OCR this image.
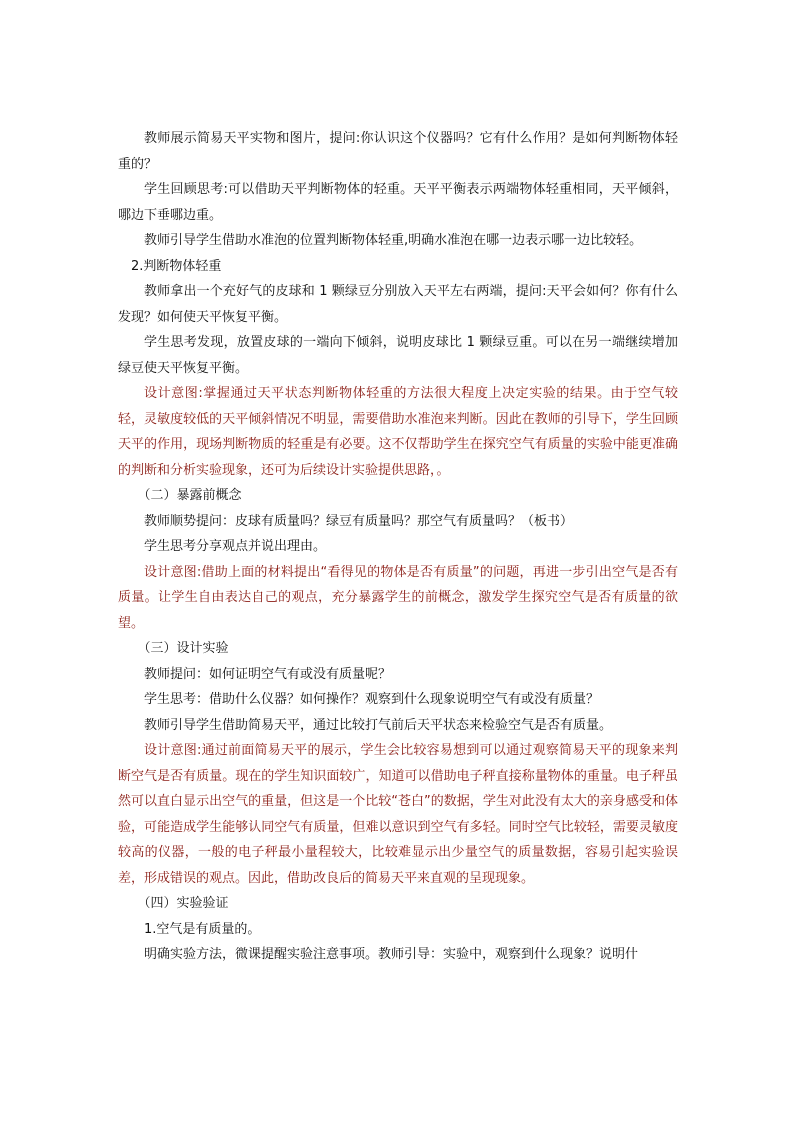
教师展示简易天平实物和图片，提问:你认识这个仪器吗？它有什么作用？是如何判断物体轻重的？

学生回顾思考:可以借助天平判断物体的轻重。天平平衡表示两端物体轻重相同，天平倾斜，哪边下垂哪边重。

教师引导学生借助水准泡的位置判断物体轻重,明确水准泡在哪一边表示哪一边比较轻。

2.判断物体轻重

教师拿出一个充好气的皮球和 1 颗绿豆分别放入天平左右两端，提问:天平会如何？你有什么发现？如何使天平恢复平衡。

学生思考发现，放置皮球的一端向下倾斜，说明皮球比 1 颗绿豆重。可以在另一端继续增加绿豆使天平恢复平衡。

设计意图:掌握通过天平状态判断物体轻重的方法很大程度上决定实验的结果。由于空气较轻，灵敏度较低的天平倾斜情况不明显，需要借助水准泡来判断。因此在教师的引导下，学生回顾天平的作用，现场判断物质的轻重是有必要。这不仅帮助学生在探究空气有质量的实验中能更准确的判断和分析实验现象，还可为后续设计实验提供思路，。

（二）暴露前概念

教师顺势提问：皮球有质量吗？绿豆有质量吗？那空气有质量吗？（板书）

学生思考分享观点并说出理由。

设计意图:借助上面的材料提出“看得见的物体是否有质量”的问题，再进一步引出空气是否有质量。让学生自由表达自己的观点，充分暴露学生的前概念，激发学生探究空气是否有质量的欲望。

（三）设计实验

教师提问：如何证明空气有或没有质量呢？

学生思考：借助什么仪器？如何操作？观察到什么现象说明空气有或没有质量？

教师引导学生借助简易天平，通过比较打气前后天平状态来检验空气是否有质量。

设计意图:通过前面简易天平的展示，学生会比较容易想到可以通过观察简易天平的现象来判断空气是否有质量。现在的学生知识面较广，知道可以借助电子秤直接称量物体的重量。电子秤虽然可以直白显示出空气的重量，但这是一个比较“苍白”的数据，学生对此没有太大的亲身感受和体验，可能造成学生能够认同空气有质量，但难以意识到空气有多轻。同时空气比较轻，需要灵敏度较高的仪器，一般的电子秤最小量程较大，比较难显示出少量空气的质量数据，容易引起实验误差，形成错误的观点。因此，借助改良后的简易天平来直观的呈现现象。

（四）实验验证

1.空气是有质量的。

明确实验方法，微课提醒实验注意事项。教师引导：实验中，观察到什么现象？说明什
